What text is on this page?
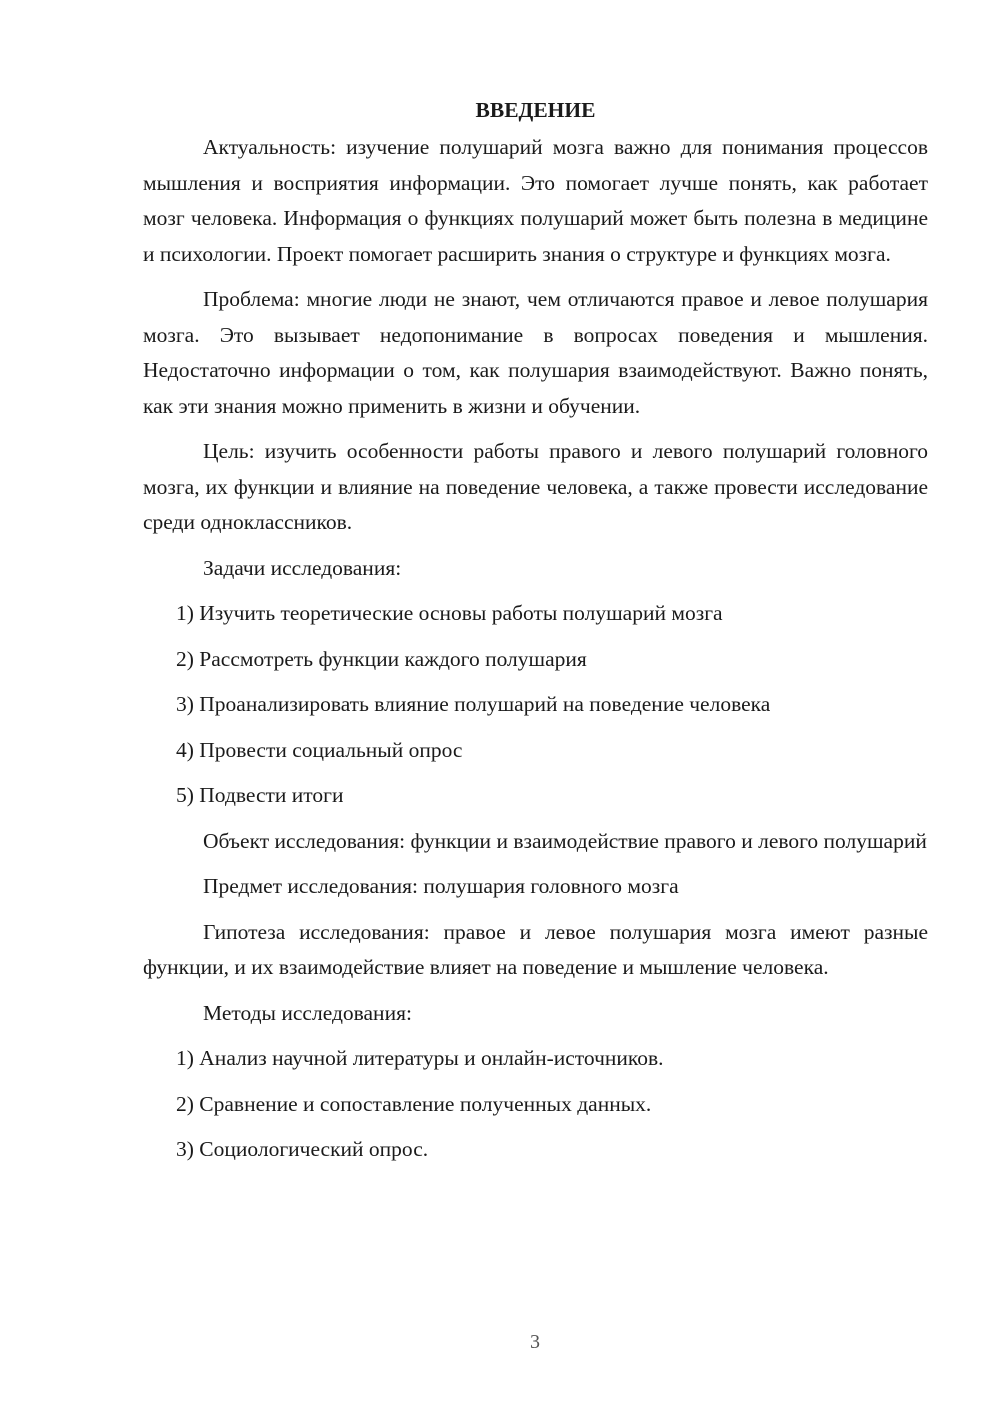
ВВЕДЕНИЕ

Актуальность: изучение полушарий мозга важно для понимания процессов мышления и восприятия информации. Это помогает лучше понять, как работает мозг человека. Информация о функциях полушарий может быть полезна в медицине и психологии. Проект помогает расширить знания о структуре и функциях мозга.

Проблема: многие люди не знают, чем отличаются правое и левое полушария мозга. Это вызывает недопонимание в вопросах поведения и мышления. Недостаточно информации о том, как полушария взаимодействуют. Важно понять, как эти знания можно применить в жизни и обучении.

Цель: изучить особенности работы правого и левого полушарий головного мозга, их функции и влияние на поведение человека, а также провести исследование среди одноклассников.

Задачи исследования:

1) Изучить теоретические основы работы полушарий мозга

2) Рассмотреть функции каждого полушария

3) Проанализировать влияние полушарий на поведение человека

4) Провести социальный опрос

5) Подвести итоги

Объект исследования: функции и взаимодействие правого и левого полушарий

Предмет исследования: полушария головного мозга

Гипотеза исследования: правое и левое полушария мозга имеют разные функции, и их взаимодействие влияет на поведение и мышление человека.

Методы исследования:

1) Анализ научной литературы и онлайн-источников.

2) Сравнение и сопоставление полученных данных.

3) Социологический опрос.

3
